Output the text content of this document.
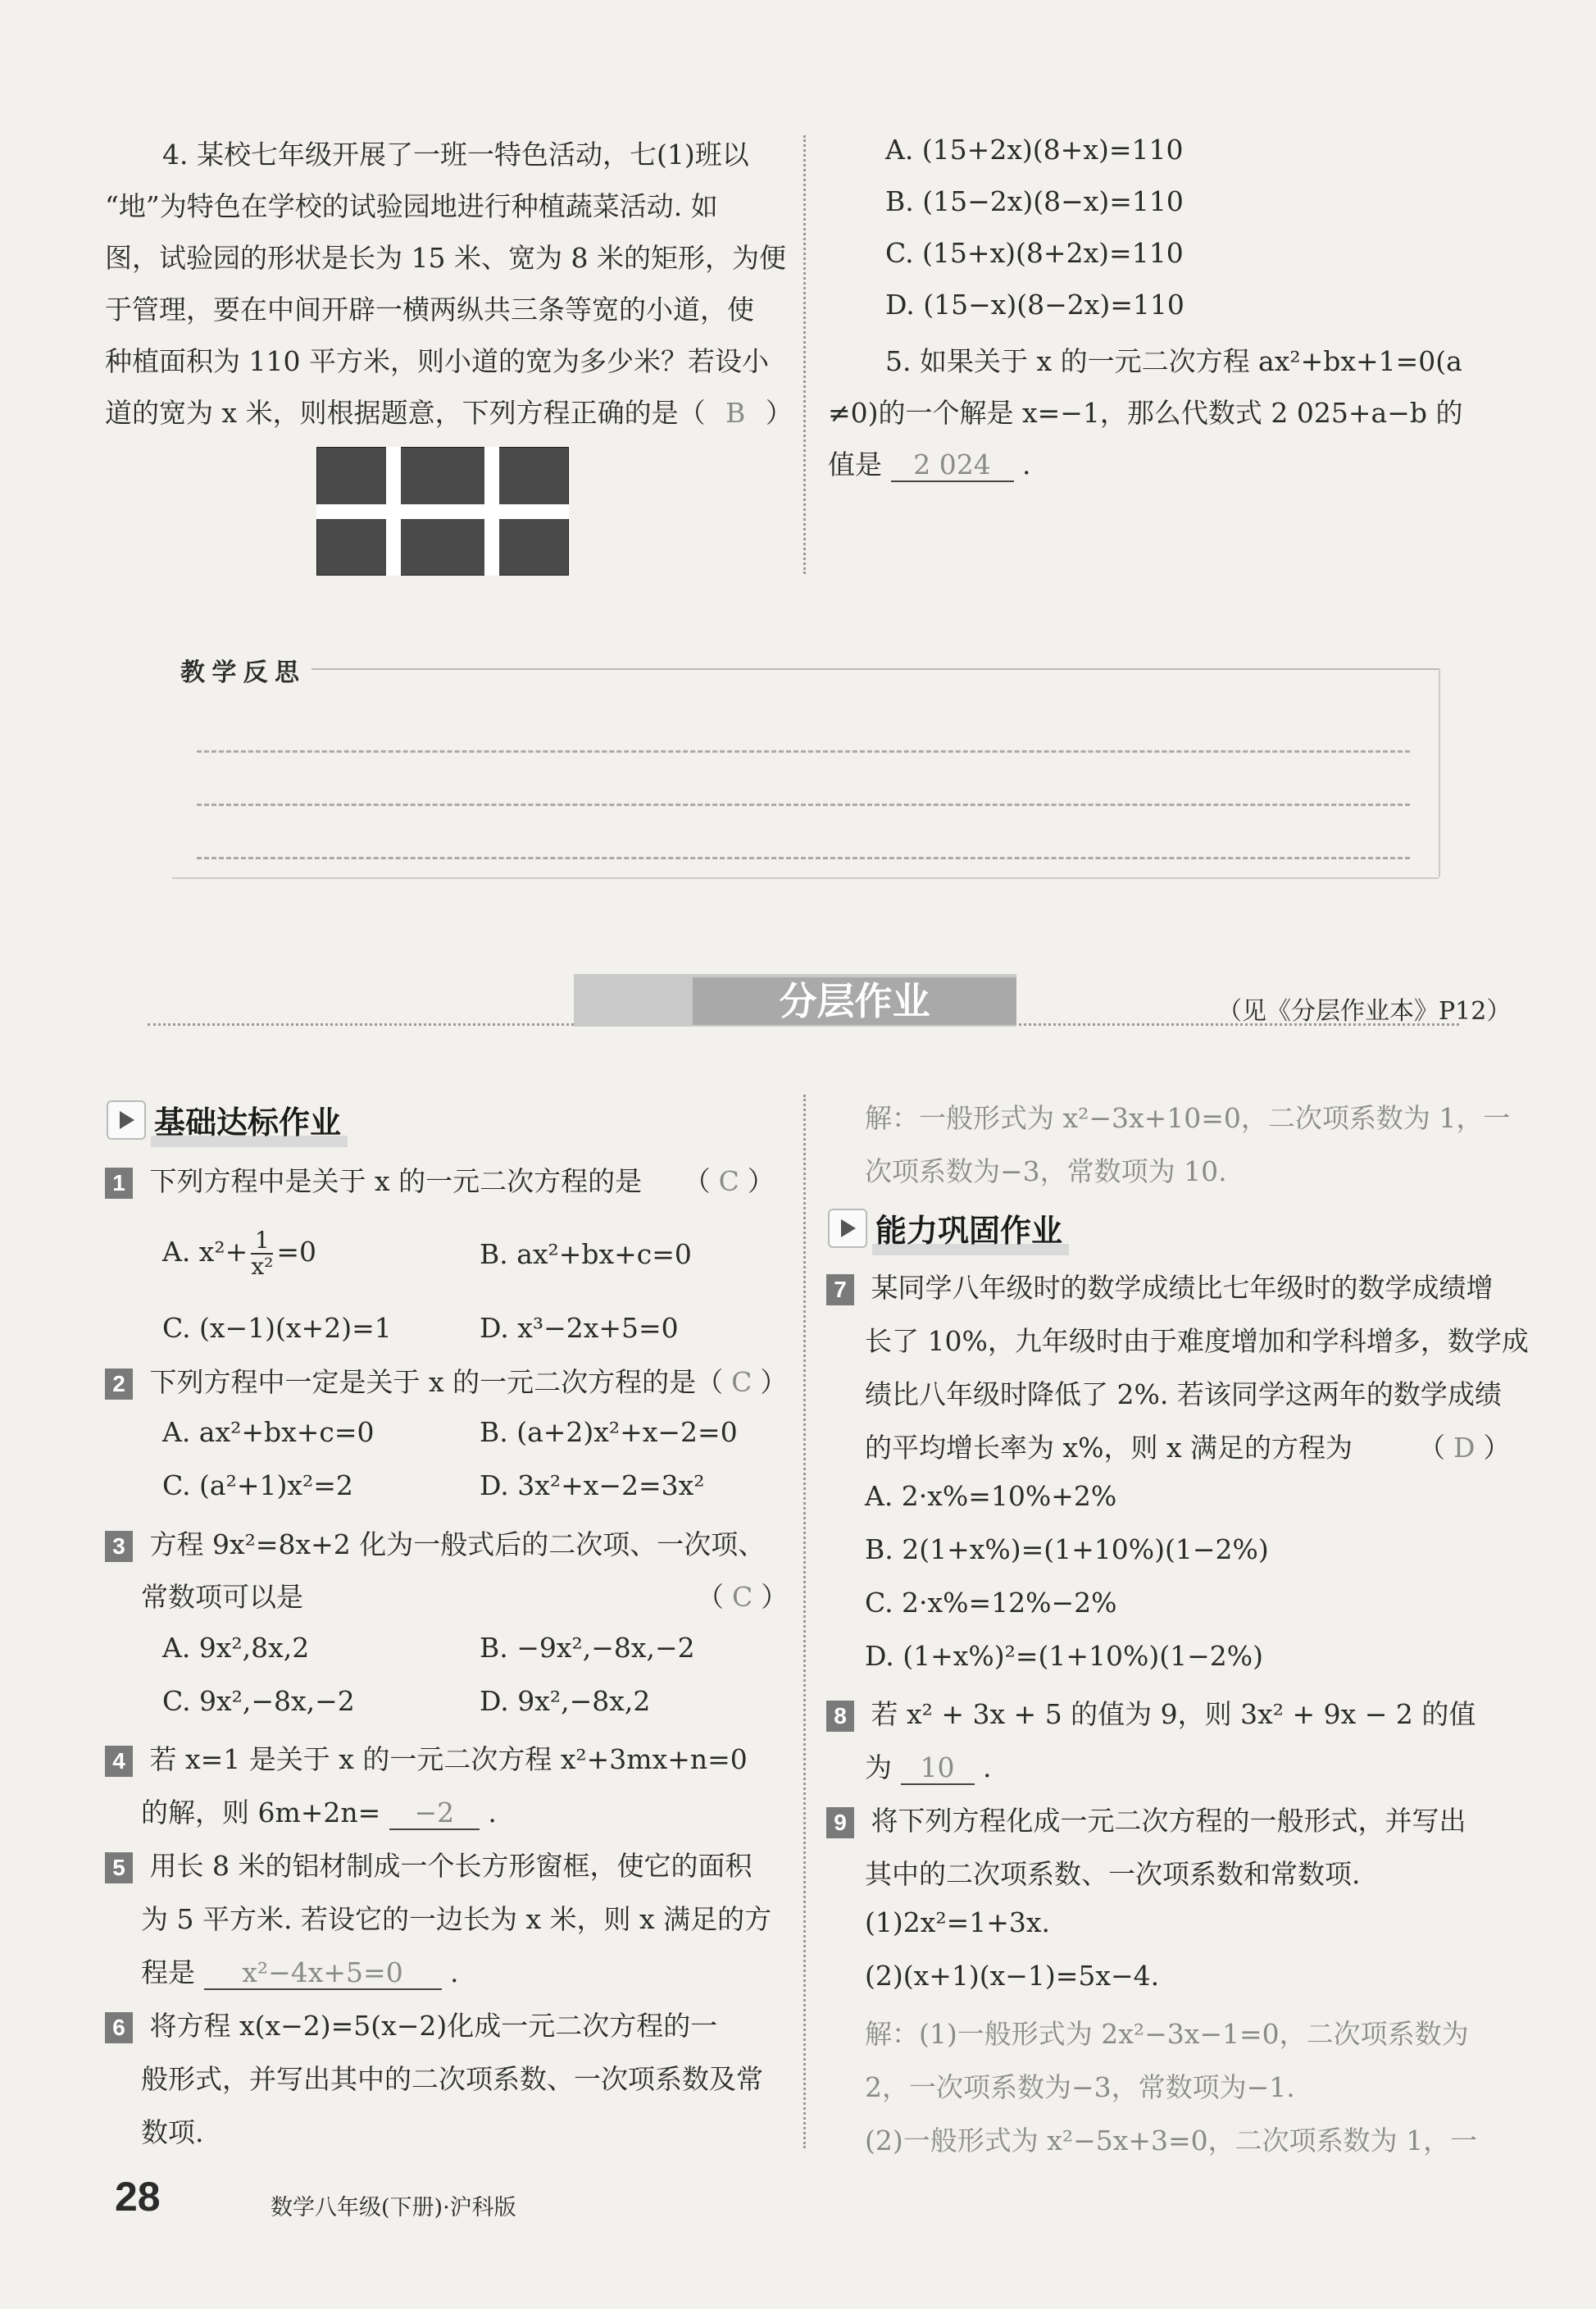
4. 某校七年级开展了一班一特色活动，七(1)班以
“地”为特色在学校的试验园地进行种植蔬菜活动. 如
图，试验园的形状是长为 15 米、宽为 8 米的矩形，为便
于管理，要在中间开辟一横两纵共三条等宽的小道，使
种植面积为 110 平方米，则小道的宽为多少米？若设小
道的宽为 x 米，则根据题意，下列方程正确的是（ B ）
A. (15+2x)(8+x)=110
B. (15−2x)(8−x)=110
C. (15+x)(8+2x)=110
D. (15−x)(8−2x)=110
5. 如果关于 x 的一元二次方程 ax²+bx+1=0(a
≠0)的一个解是 x=−1，那么代数式 2 025+a−b 的
值是 2 024 .
教 学 反 思
分层作业	（见《分层作业本》P12）
基础达标作业
1 下列方程中是关于 x 的一元二次方程的是 （ C ）
A. $x^2+ \frac{1}{\text{x²}} =0$	B. ax²+bx+c=0
C. (x−1)(x+2)=1	D. x³−2x+5=0
2 下列方程中一定是关于 x 的一元二次方程的是（ C ）
A. ax²+bx+c=0	B. (a+2)x²+x−2=0
C. (a²+1)x²=2	D. 3x²+x−2=3x²
3 方程 9x²=8x+2 化为一般式后的二次项、一次项、
常数项可以是	（ C ）
A. 9x²,8x,2	B. −9x²,−8x,−2
C. 9x²,−8x,−2	D. 9x²,−8x,2
4 若 x=1 是关于 x 的一元二次方程 x²+3mx+n=0
的解，则 6m+2n= −2 .
5 用长 8 米的铝材制成一个长方形窗框，使它的面积
为 5 平方米. 若设它的一边长为 x 米，则 x 满足的方
程是 x²−4x+5=0 .
6 将方程 x(x−2)=5(x−2)化成一元二次方程的一
般形式，并写出其中的二次项系数、一次项系数及常
数项.
解：一般形式为 x²−3x+10=0，二次项系数为 1，一
次项系数为−3，常数项为 10.
能力巩固作业
7 某同学八年级时的数学成绩比七年级时的数学成绩增
长了 10%，九年级时由于难度增加和学科增多，数学成
绩比八年级时降低了 2%. 若该同学这两年的数学成绩
的平均增长率为 x%，则 x 满足的方程为 （ D ）
A. 2·x%=10%+2%
B. 2(1+x%)=(1+10%)(1−2%)
C. 2·x%=12%−2%
D. (1+x%)²=(1+10%)(1−2%)
8 若 x² + 3x + 5 的值为 9，则 3x² + 9x − 2 的值
为 10 .
9 将下列方程化成一元二次方程的一般形式，并写出
其中的二次项系数、一次项系数和常数项.
(1)2x²=1+3x.
(2)(x+1)(x−1)=5x−4.
解：(1)一般形式为 2x²−3x−1=0，二次项系数为
2，一次项系数为−3，常数项为−1.
(2)一般形式为 x²−5x+3=0，二次项系数为 1，一
28	数学八年级(下册)·沪科版
